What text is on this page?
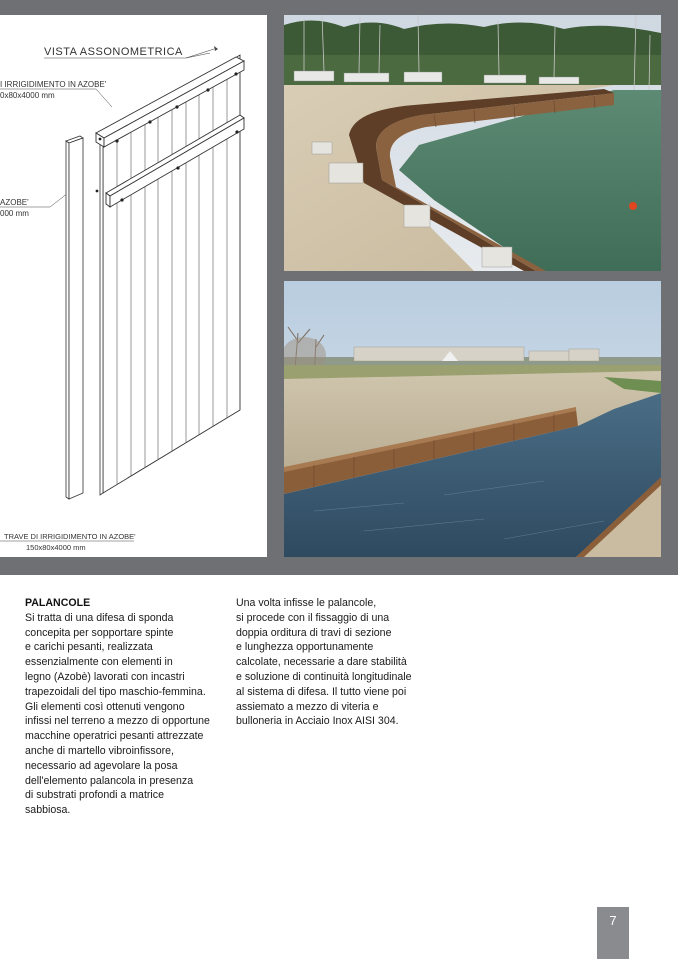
VISTA ASSONOMETRICA
I IRRIGIDIMENTO IN AZOBE'
0x80x4000 mm
AZOBE'
000 mm
TRAVE DI IRRIGIDIMENTO IN AZOBE'
150x80x4000 mm
PALANCOLE
Si tratta di una difesa di sponda
concepita per sopportare spinte
e carichi pesanti, realizzata
essenzialmente con elementi in
legno (Azobè) lavorati con incastri
trapezoidali del tipo maschio-femmina.
Gli elementi così ottenuti vengono
infissi nel terreno a mezzo di opportune
macchine operatrici pesanti attrezzate
anche di martello vibroinfissore,
necessario ad agevolare la posa
dell'elemento palancola in presenza
di substrati profondi a matrice
sabbiosa.
Una volta infisse le palancole,
si procede con il fissaggio di una
doppia orditura di travi di sezione
e lunghezza opportunamente
calcolate, necessarie a dare stabilità
e soluzione di continuità longitudinale
al sistema di difesa. Il tutto viene poi
assiemato a mezzo di viteria e
bulloneria in Acciaio Inox AISI 304.
7
